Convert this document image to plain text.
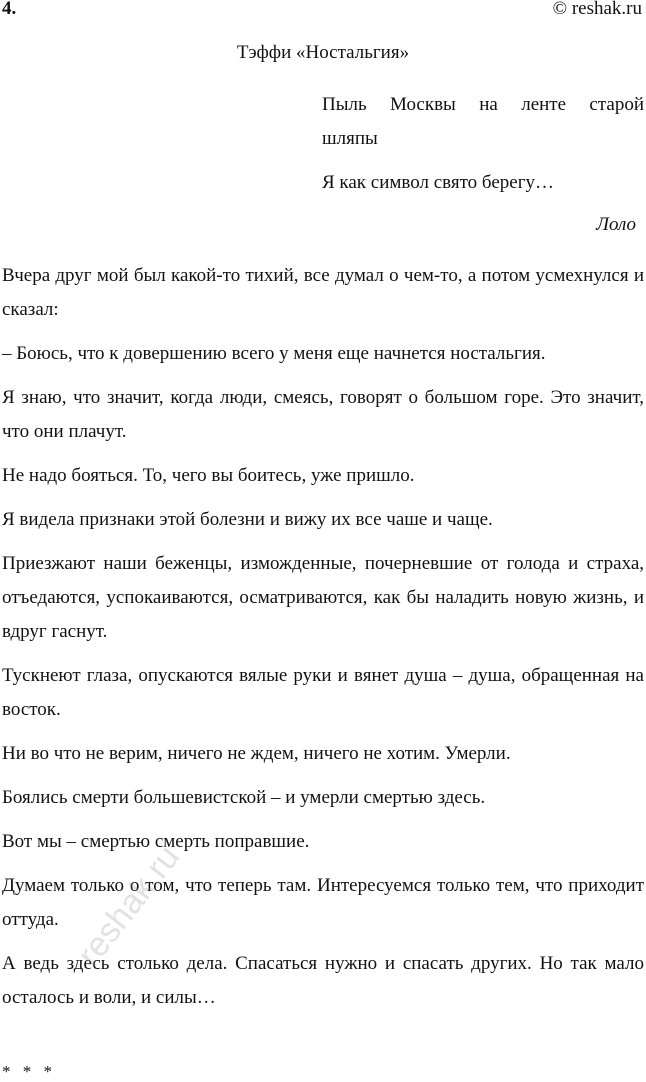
4.	© reshak.ru
Тэффи «Ностальгия»
Пыль Москвы на ленте старой
шляпы
Я как символ свято берегу…
Лоло

Вчера друг мой был какой-то тихий, все думал о чем-то, а потом усмехнулся и сказал:

– Боюсь, что к довершению всего у меня еще начнется ностальгия.

Я знаю, что значит, когда люди, смеясь, говорят о большом горе. Это значит, что они плачут.

Не надо бояться. То, чего вы боитесь, уже пришло.

Я видела признаки этой болезни и вижу их все чаше и чаще.

Приезжают наши беженцы, изможденные, почерневшие от голода и страха, отъедаются, успокаиваются, осматриваются, как бы наладить новую жизнь, и вдруг гаснут.

Тускнеют глаза, опускаются вялые руки и вянет душа – душа, обращенная на восток.

Ни во что не верим, ничего не ждем, ничего не хотим. Умерли.

Боялись смерти большевистской – и умерли смертью здесь.

Вот мы – смертью смерть поправшие.

Думаем только о том, что теперь там. Интересуемся только тем, что приходит оттуда.

А ведь здесь столько дела. Спасаться нужно и спасать других. Но так мало осталось и воли, и силы…

* * *
reshak.ru
